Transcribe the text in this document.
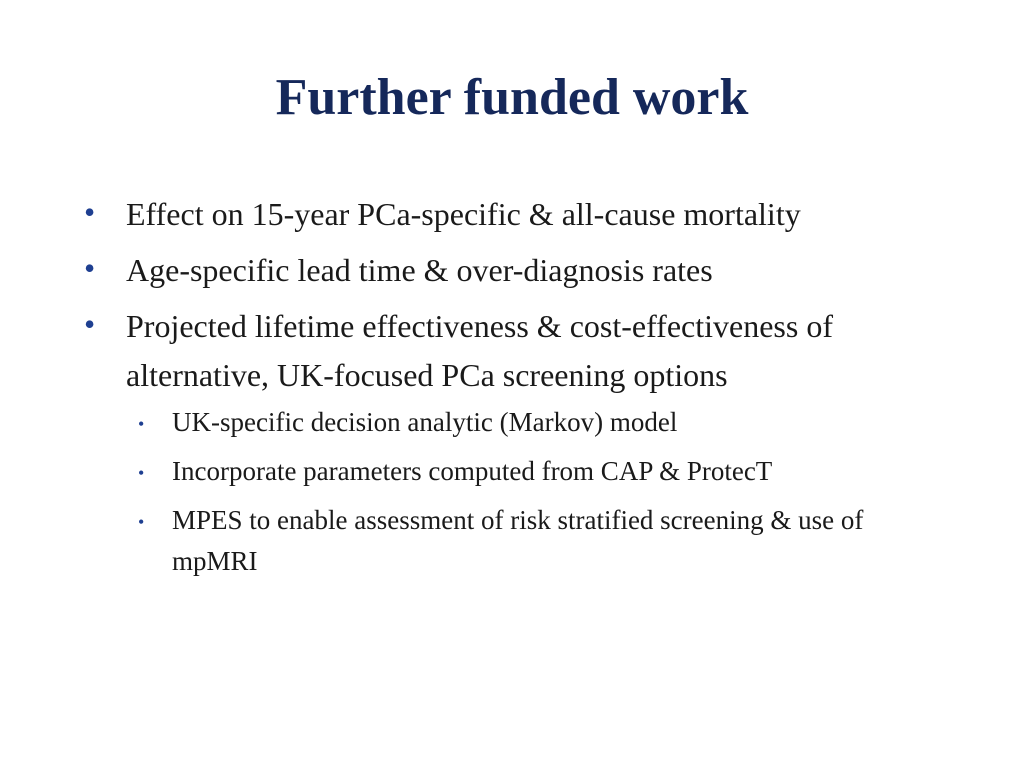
Further funded work
• Effect on 15-year PCa-specific & all-cause mortality
• Age-specific lead time & over-diagnosis rates
• Projected lifetime effectiveness & cost-effectiveness of alternative, UK-focused PCa screening options
• UK-specific decision analytic (Markov) model
• Incorporate parameters computed from CAP & ProtecT
• MPES to enable assessment of risk stratified screening & use of mpMRI
